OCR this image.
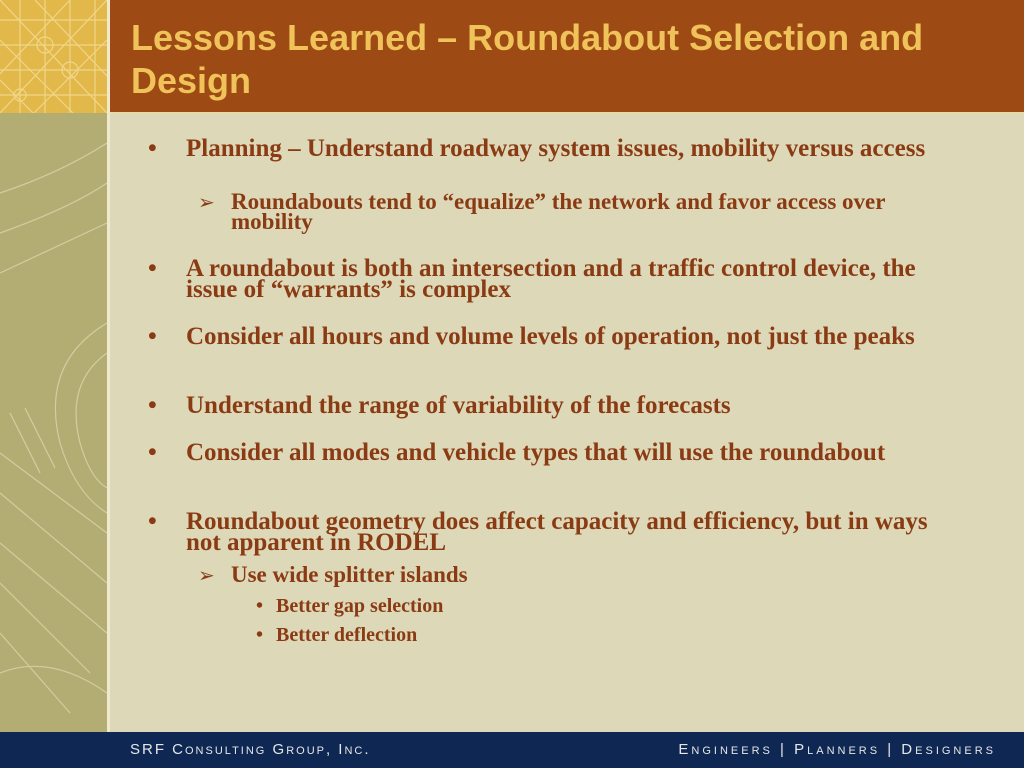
Lessons Learned – Roundabout Selection and Design
•	Planning – Understand roadway system issues, mobility versus access
➢ Roundabouts tend to “equalize” the network and favor access over mobility
•	A roundabout is both an intersection and a traffic control device, the issue of “warrants” is complex
•	Consider all hours and volume levels of operation, not just the peaks
•	Understand the range of variability of the forecasts
•	Consider all modes and vehicle types that will use the roundabout
•	Roundabout geometry does affect capacity and efficiency, but in ways not apparent in RODEL
➢ Use wide splitter islands
• Better gap selection
• Better deflection
SRF Consulting Group, Inc.	Engineers | Planners | Designers
